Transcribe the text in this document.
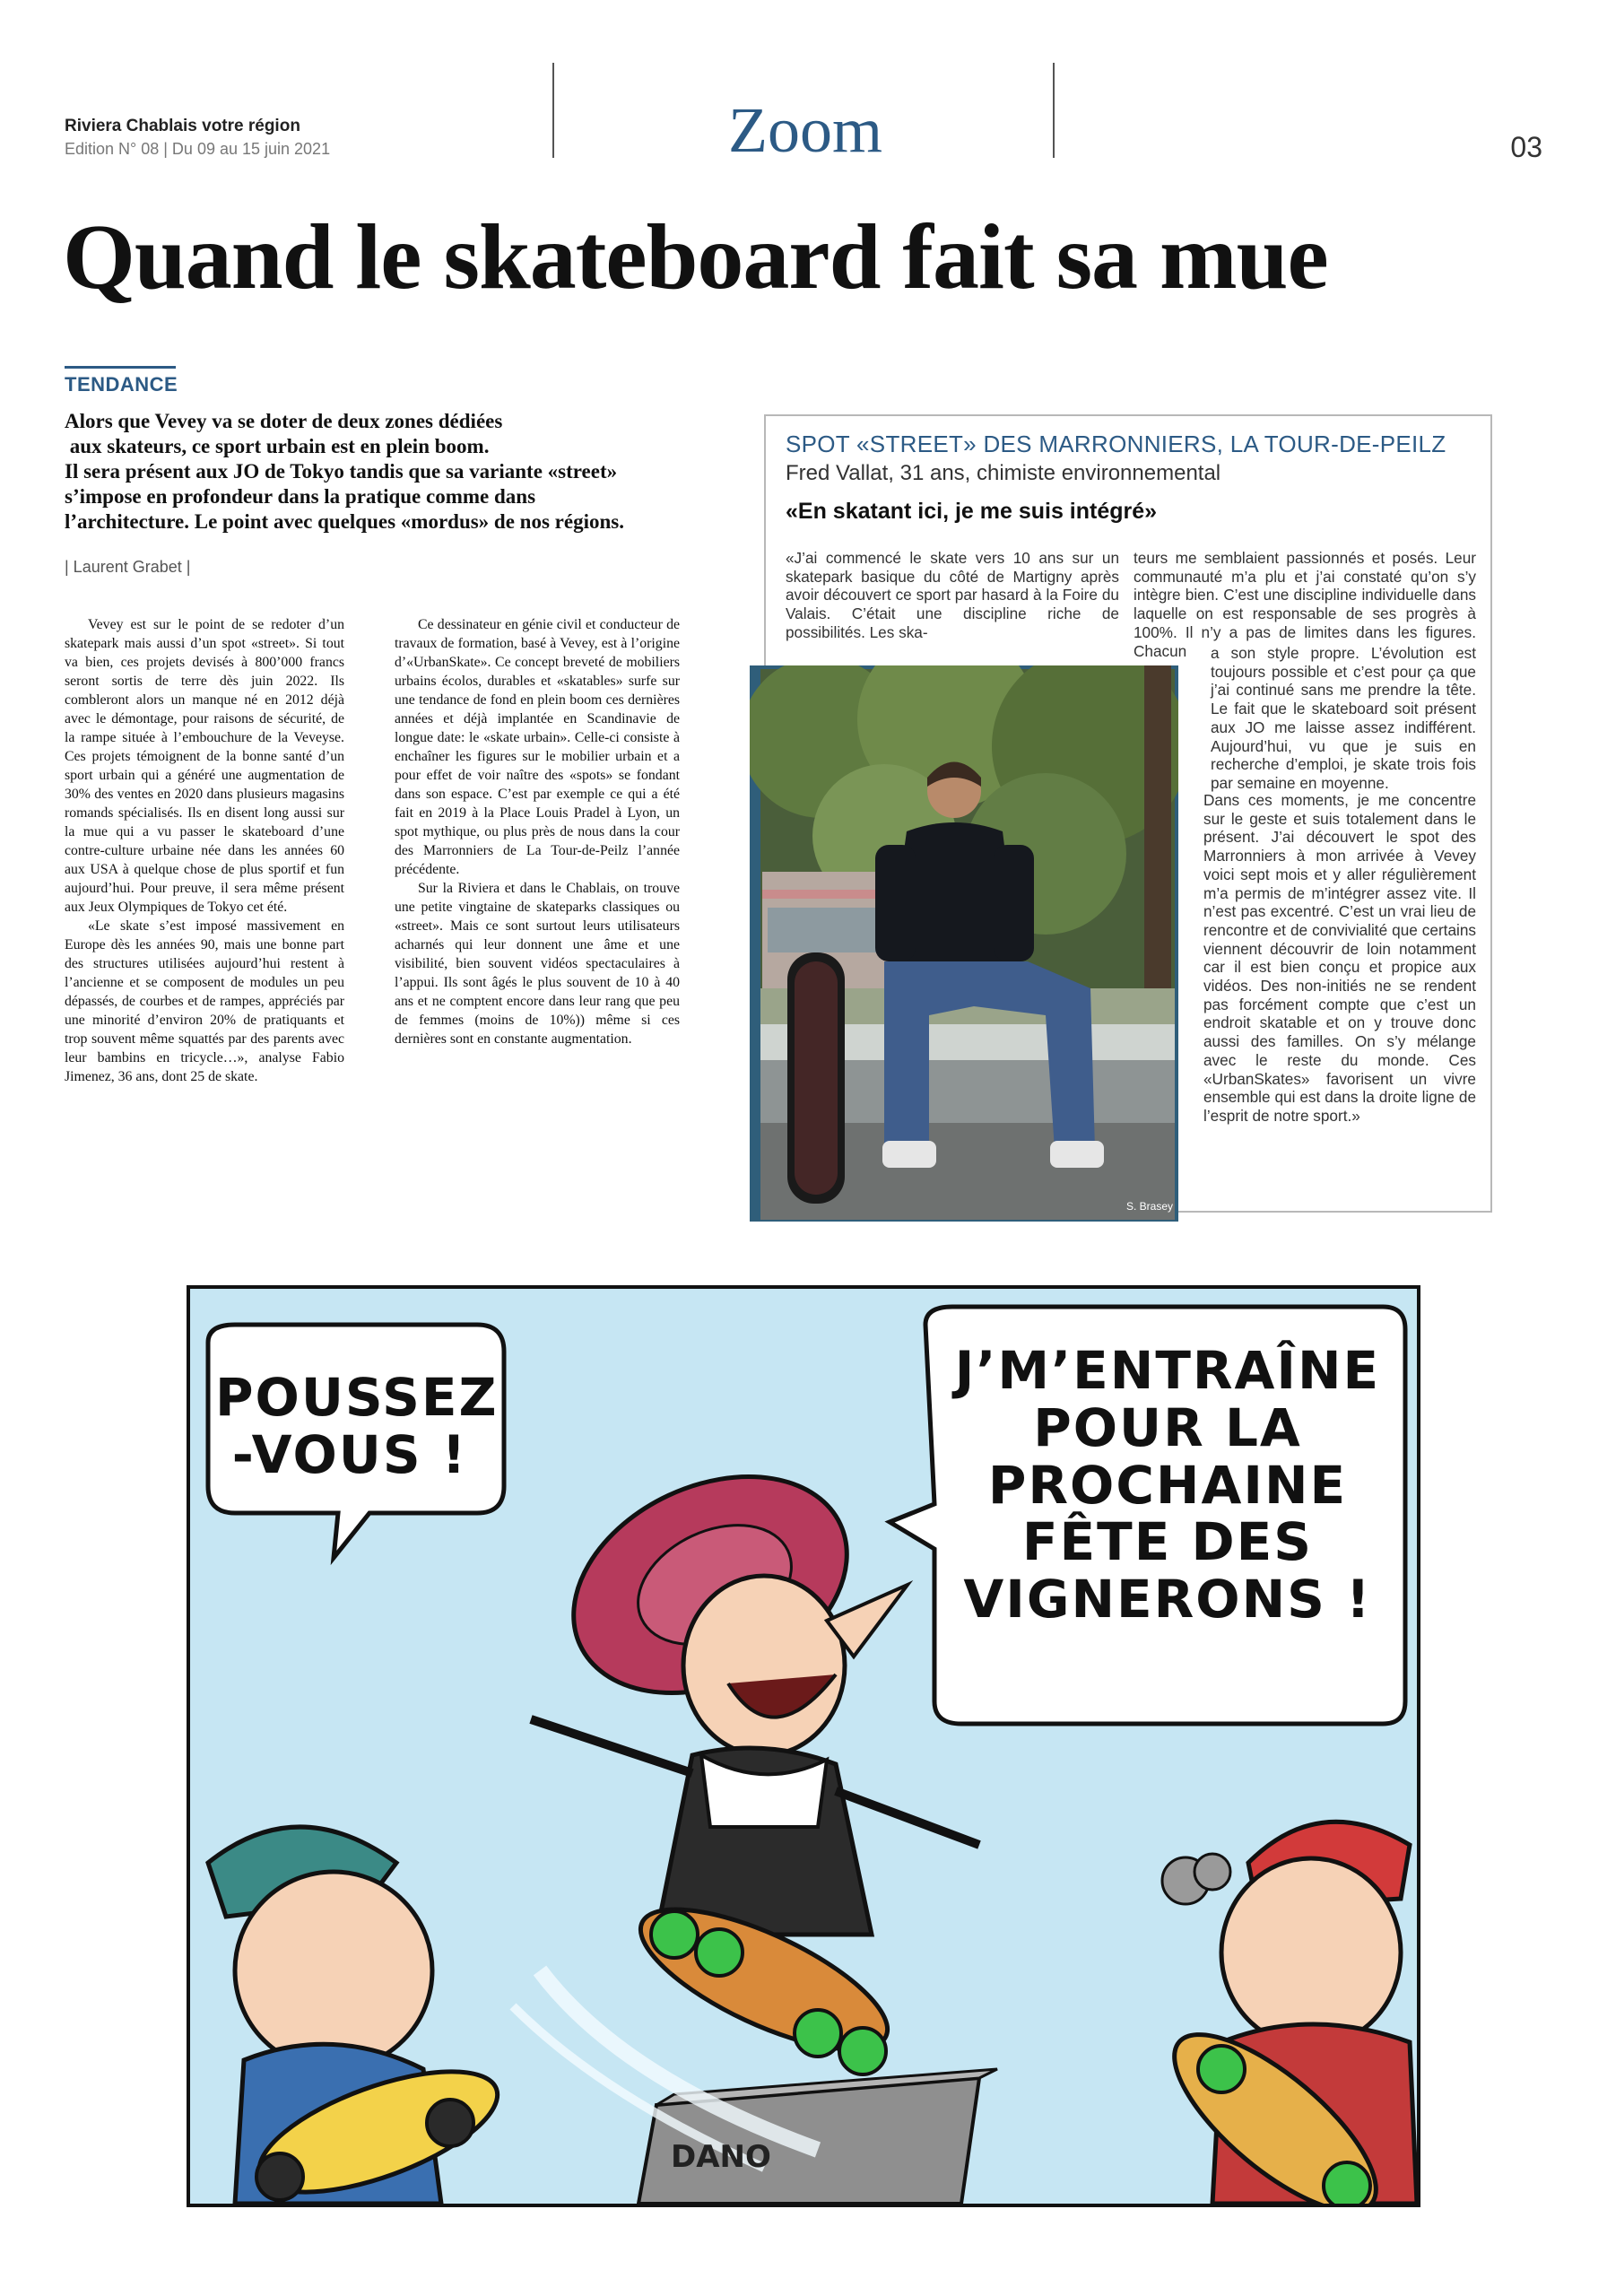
Riviera Chablais votre région
Edition N° 08 | Du 09 au 15 juin 2021	Zoom	03
Quand le skateboard fait sa mue
TENDANCE

Alors que Vevey va se doter de deux zones dédiées

aux skateurs, ce sport urbain est en plein boom.

Il sera présent aux JO de Tokyo tandis que sa variante «street»

s’impose en profondeur dans la pratique comme dans

l’architecture. Le point avec quelques «mordus» de nos régions.

| Laurent Grabet |

Vevey est sur le point de se redoter d’un skatepark mais aussi d’un spot «street». Si tout va bien, ces projets devisés à 800’000 francs seront sortis de terre dès juin 2022. Ils combleront alors un manque né en 2012 déjà avec le démontage, pour raisons de sécurité, de la rampe située à l’embouchure de la Veveyse. Ces projets témoignent de la bonne santé d’un sport urbain qui a généré une augmentation de 30% des ventes en 2020 dans plusieurs magasins romands spécialisés. Ils en disent long aussi sur la mue qui a vu passer le skateboard d’une contre-culture urbaine née dans les années 60 aux USA à quelque chose de plus sportif et fun aujourd’hui. Pour preuve, il sera même présent aux Jeux Olympiques de Tokyo cet été.

«Le skate s’est imposé massivement en Europe dès les années 90, mais une bonne part des structures utilisées aujourd’hui restent à l’ancienne et se composent de modules un peu dépassés, de courbes et de rampes, appréciés par une minorité d’environ 20% de pratiquants et trop souvent même squattés par des parents avec leur bambins en tricycle…», analyse Fabio Jimenez, 36 ans, dont 25 de skate.

Ce dessinateur en génie civil et conducteur de travaux de formation, basé à Vevey, est à l’origine d’«UrbanSkate». Ce concept breveté de mobiliers urbains écolos, durables et «skatables» surfe sur une tendance de fond en plein boom ces dernières années et déjà implantée en Scandinavie de longue date: le «skate urbain». Celle-ci consiste à enchaîner les figures sur le mobilier urbain et a pour effet de voir naître des «spots» se fondant dans son espace. C’est par exemple ce qui a été fait en 2019 à la Place Louis Pradel à Lyon, un spot mythique, ou plus près de nous dans la cour des Marronniers de La Tour-de-Peilz l’année précédente.

Sur la Riviera et dans le Chablais, on trouve une petite vingtaine de skateparks classiques ou «street». Mais ce sont surtout leurs utilisateurs acharnés qui leur donnent une âme et une visibilité, bien souvent vidéos spectaculaires à l’appui. Ils sont âgés le plus souvent de 10 à 40 ans et ne comptent encore dans leur rang que peu de femmes (moins de 10%)) même si ces dernières sont en constante augmentation.

SPOT «STREET» DES MARRONNIERS, LA TOUR-DE-PEILZ
Fred Vallat, 31 ans, chimiste environnemental
«En skatant ici, je me suis intégré»
«J’ai commencé le skate vers 10 ans sur un skatepark basique du côté de Martigny après avoir découvert ce sport par hasard à la Foire du Valais. C’était une discipline riche de possibilités. Les ska-
teurs me semblaient passionnés et posés. Leur communauté m’a plu et j’ai constaté qu’on s’y intègre bien. C’est une discipline individuelle dans laquelle on est responsable de ses progrès à 100%. Il n’y a pas de limites dans les figures. Chacun	a son style propre. L’évolution est toujours possible et c’est pour ça que j’ai continué sans me prendre la tête. Le fait que le skateboard soit présent aux JO me laisse assez indifférent. Aujourd’hui, vu que je suis en recherche d’emploi, je skate trois fois par semaine en moyenne.
Dans ces moments, je me concentre sur le geste et suis totalement dans le présent. J’ai découvert le spot des Marronniers à mon arrivée à Vevey voici sept mois et y aller régulièrement m’a permis de m’intégrer assez vite. Il n’est pas excentré. C’est un vrai lieu de rencontre et de convivialité que certains viennent découvrir de loin notamment car il est bien conçu et propice aux vidéos. Des non-initiés ne se rendent pas forcément compte que c’est un endroit skatable et on y trouve donc aussi des familles. On s’y mélange avec le reste du monde. Ces «UrbanSkates» favorisent un vivre ensemble qui est dans la droite ligne de l’esprit de notre sport.»
S. Brasey
POUSSEZ -VOUS !
J’M’ENTRAÎNE POUR LA PROCHAINE FÊTE DES VIGNERONS !
DANO
